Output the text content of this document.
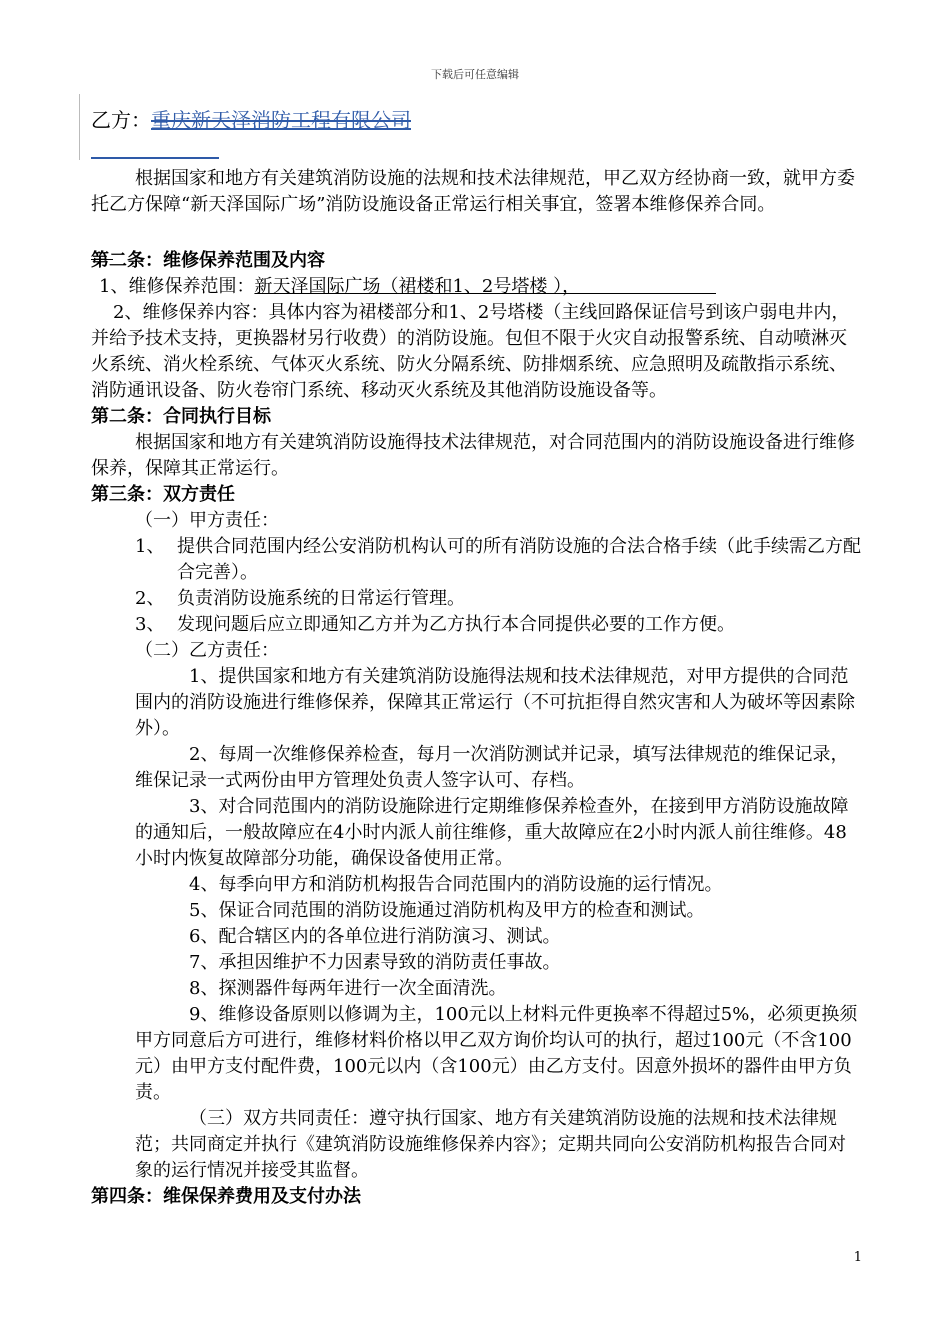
下载后可任意编辑
乙方：重庆新天泽消防工程有限公司

根据国家和地方有关建筑消防设施的法规和技术法律规范，甲乙双方经协商一致，就甲方委托乙方保障“新天泽国际广场”消防设施设备正常运行相关事宜，签署本维修保养合同。

第二条：维修保养范围及内容

1、维修保养范围：新天泽国际广场（裙楼和1、2号塔楼 ），

2、维修保养内容：具体内容为裙楼部分和1、2号塔楼（主线回路保证信号到该户弱电井内，并给予技术支持，更换器材另行收费）的消防设施。包但不限于火灾自动报警系统、自动喷淋灭火系统、消火栓系统、气体灭火系统、防火分隔系统、防排烟系统、应急照明及疏散指示系统、消防通讯设备、防火卷帘门系统、移动灭火系统及其他消防设施设备等。

第二条：合同执行目标

根据国家和地方有关建筑消防设施得技术法律规范，对合同范围内的消防设施设备进行维修保养，保障其正常运行。

第三条：双方责任

（一）甲方责任：

1、 提供合同范围内经公安消防机构认可的所有消防设施的合法合格手续（此手续需乙方配合完善）。
2、 负责消防设施系统的日常运行管理。
3、 发现问题后应立即通知乙方并为乙方执行本合同提供必要的工作方便。

（二）乙方责任：

1、提供国家和地方有关建筑消防设施得法规和技术法律规范，对甲方提供的合同范围内的消防设施进行维修保养，保障其正常运行（不可抗拒得自然灾害和人为破坏等因素除外）。

2、每周一次维修保养检查，每月一次消防测试并记录，填写法律规范的维保记录，维保记录一式两份由甲方管理处负责人签字认可、存档。

3、对合同范围内的消防设施除进行定期维修保养检查外，在接到甲方消防设施故障的通知后，一般故障应在4小时内派人前往维修，重大故障应在2小时内派人前往维修。48小时内恢复故障部分功能，确保设备使用正常。

4、每季向甲方和消防机构报告合同范围内的消防设施的运行情况。

5、保证合同范围的消防设施通过消防机构及甲方的检查和测试。

6、配合辖区内的各单位进行消防演习、测试。

7、承担因维护不力因素导致的消防责任事故。

8、探测器件每两年进行一次全面清洗。

9、维修设备原则以修调为主，100元以上材料元件更换率不得超过5%，必须更换须甲方同意后方可进行，维修材料价格以甲乙双方询价均认可的执行，超过100元（不含100元）由甲方支付配件费，100元以内（含100元）由乙方支付。因意外损坏的器件由甲方负责。

（三）双方共同责任：遵守执行国家、地方有关建筑消防设施的法规和技术法律规范；共同商定并执行《建筑消防设施维修保养内容》；定期共同向公安消防机构报告合同对象的运行情况并接受其监督。

第四条：维保保养费用及支付办法

1
